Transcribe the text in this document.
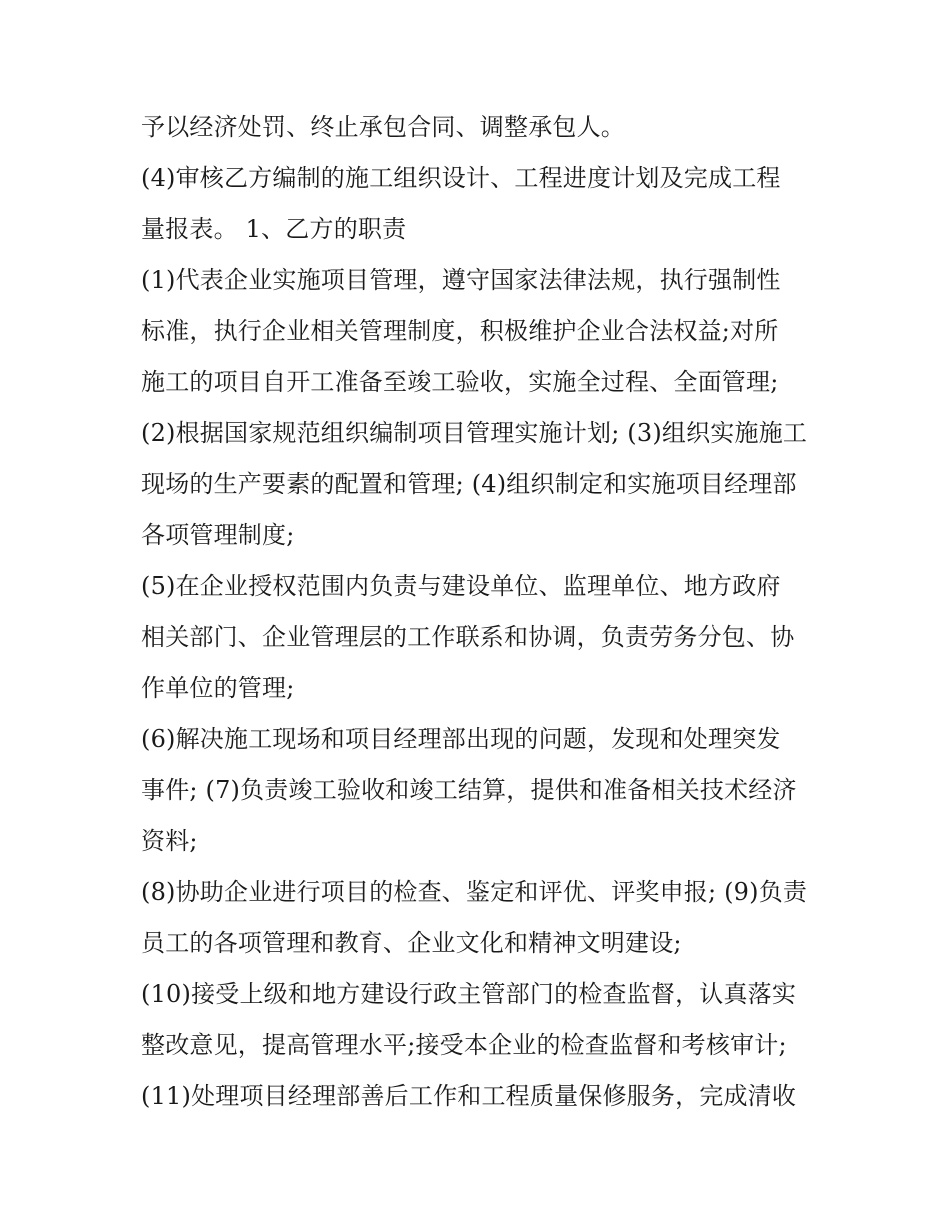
予以经济处罚、终止承包合同、调整承包人。
(4)审核乙方编制的施工组织设计、工程进度计划及完成工程
量报表。 1、乙方的职责
(1)代表企业实施项目管理，遵守国家法律法规，执行强制性
标准，执行企业相关管理制度，积极维护企业合法权益;对所
施工的项目自开工准备至竣工验收，实施全过程、全面管理;
(2)根据国家规范组织编制项目管理实施计划; (3)组织实施施工
现场的生产要素的配置和管理; (4)组织制定和实施项目经理部
各项管理制度;
(5)在企业授权范围内负责与建设单位、监理单位、地方政府
相关部门、企业管理层的工作联系和协调，负责劳务分包、协
作单位的管理;
(6)解决施工现场和项目经理部出现的问题，发现和处理突发
事件; (7)负责竣工验收和竣工结算，提供和准备相关技术经济
资料;
(8)协助企业进行项目的检查、鉴定和评优、评奖申报; (9)负责
员工的各项管理和教育、企业文化和精神文明建设;
(10)接受上级和地方建设行政主管部门的检查监督，认真落实
整改意见，提高管理水平;接受本企业的检查监督和考核审计;
(11)处理项目经理部善后工作和工程质量保修服务，完成清收
